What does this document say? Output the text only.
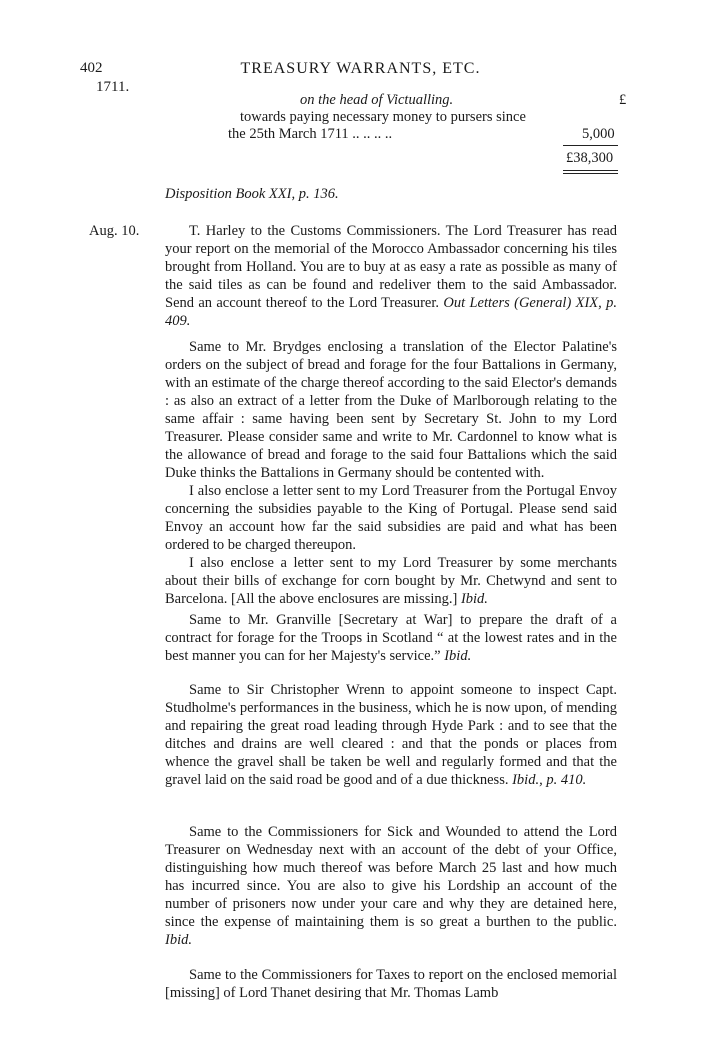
402
1711.
TREASURY WARRANTS, ETC.
on the head of Victualling.
towards paying necessary money to pursers since
the 25th March 1711 .. .. .. ..
£
5,000
£38,300
Disposition Book XXI, p. 136.
Aug. 10.	T. Harley to the Customs Commissioners. The Lord Treasurer has read your report on the memorial of the Morocco Ambassador concerning his tiles brought from Holland. You are to buy at as easy a rate as possible as many of the said tiles as can be found and redeliver them to the said Ambassador. Send an account thereof to the Lord Treasurer. Out Letters (General) XIX, p. 409.

Same to Mr. Brydges enclosing a translation of the Elector Palatine's orders on the subject of bread and forage for the four Battalions in Germany, with an estimate of the charge thereof according to the said Elector's demands : as also an extract of a letter from the Duke of Marlborough relating to the same affair : same having been sent by Secretary St. John to my Lord Treasurer. Please consider same and write to Mr. Cardonnel to know what is the allowance of bread and forage to the said four Battalions which the said Duke thinks the Battalions in Germany should be contented with.

I also enclose a letter sent to my Lord Treasurer from the Portugal Envoy concerning the subsidies payable to the King of Portugal. Please send said Envoy an account how far the said subsidies are paid and what has been ordered to be charged thereupon.

I also enclose a letter sent to my Lord Treasurer by some merchants about their bills of exchange for corn bought by Mr. Chetwynd and sent to Barcelona. [All the above enclosures are missing.] Ibid.

Same to Mr. Granville [Secretary at War] to prepare the draft of a contract for forage for the Troops in Scotland “ at the lowest rates and in the best manner you can for her Majesty's service.” Ibid.

Same to Sir Christopher Wrenn to appoint someone to inspect Capt. Studholme's performances in the business, which he is now upon, of mending and repairing the great road leading through Hyde Park : and to see that the ditches and drains are well cleared : and that the ponds or places from whence the gravel shall be taken be well and regularly formed and that the gravel laid on the said road be good and of a due thickness. Ibid., p. 410.

Same to the Commissioners for Sick and Wounded to attend the Lord Treasurer on Wednesday next with an account of the debt of your Office, distinguishing how much thereof was before March 25 last and how much has incurred since. You are also to give his Lordship an account of the number of prisoners now under your care and why they are detained here, since the expense of maintaining them is so great a burthen to the public. Ibid.

Same to the Commissioners for Taxes to report on the enclosed memorial [missing] of Lord Thanet desiring that Mr. Thomas Lamb
